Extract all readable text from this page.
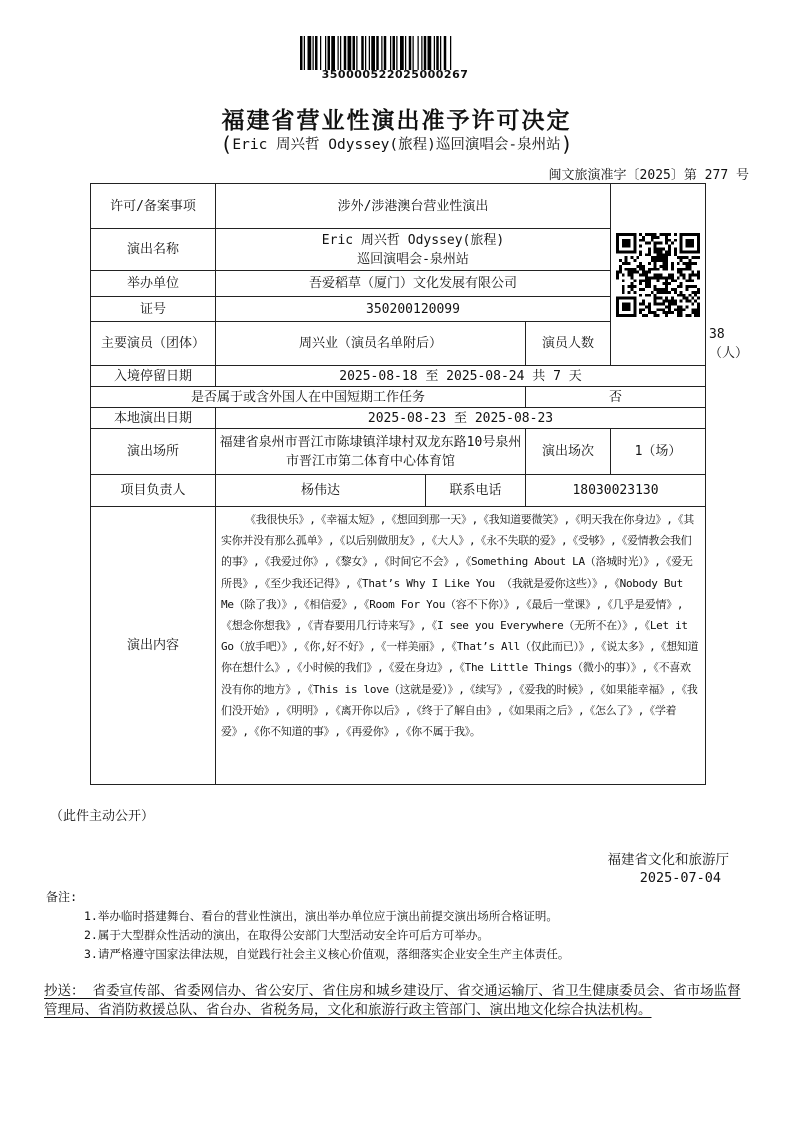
350000522025000267
福建省营业性演出准予许可决定
(Eric 周兴哲 Odyssey(旅程)巡回演唱会-泉州站)
闽文旅演准字〔2025〕第 277 号
许可/备案事项	涉外/涉港澳台营业性演出	

演出名称	Eric 周兴哲 Odyssey(旅程)
巡回演唱会-泉州站				

举办单位	吾爱稻草（厦门）文化发展有限公司				
证号	350200120099				
主要演员（团体）	周兴业（演员名单附后）		演员人数		38（人）
入境停留日期	2025-08-18 至 2025-08-24 共 7 天				
是否属于或含外国人在中国短期工作任务			否		
本地演出日期	2025-08-23 至 2025-08-23				
演出场所	福建省泉州市晋江市陈埭镇洋埭村双龙东路10号泉州市晋江市第二体育中心体育馆		演出场次	1（场）	
项目负责人	杨伟达	联系电话	18030023130		
演出内容	《我很快乐》,《幸福太短》,《想回到那一天》,《我知道要微笑》,《明天我在你身边》,《其实你并没有那么孤单》,《以后别做朋友》,《大人》,《永不失联的爱》,《受够》,《爱情教会我们的事》,《我爱过你》,《黎女》,《时间它不会》,《Something About LA（洛城时光）》,《爱无所畏》,《至少我还记得》,《That’s Why I Like You （我就是爱你这些）》,《Nobody But Me（除了我）》,《相信爱》,《Room For You（容不下你）》,《最后一堂课》,《几乎是爱情》,《想念你想我》,《青春要用几行诗来写》,《I see you Everywhere（无所不在）》,《Let it Go（放手吧）》,《你,好不好》,《一样美丽》,《That’s All（仅此而已）》,《说太多》,《想知道你在想什么》,《小时候的我们》,《爱在身边》,《The Little Things（微小的事）》,《不喜欢没有你的地方》,《This is love（这就是爱）》,《续写》,《爱我的时候》,《如果能幸福》,《我们没开始》,《明明》,《离开你以后》,《终于了解自由》,《如果雨之后》,《怎么了》,《学着爱》,《你不知道的事》,《再爱你》,《你不属于我》。				
（此件主动公开）
福建省文化和旅游厅
2025-07-04
备注:
1.举办临时搭建舞台、看台的营业性演出，演出举办单位应于演出前提交演出场所合格证明。
2.属于大型群众性活动的演出，在取得公安部门大型活动安全许可后方可举办。
3.请严格遵守国家法律法规，自觉践行社会主义核心价值观，落细落实企业安全生产主体责任。
抄送： 省委宣传部、省委网信办、省公安厅、省住房和城乡建设厅、省交通运输厅、省卫生健康委员会、省市场监督管理局、省消防救援总队、省台办、省税务局，文化和旅游行政主管部门、演出地文化综合执法机构。
